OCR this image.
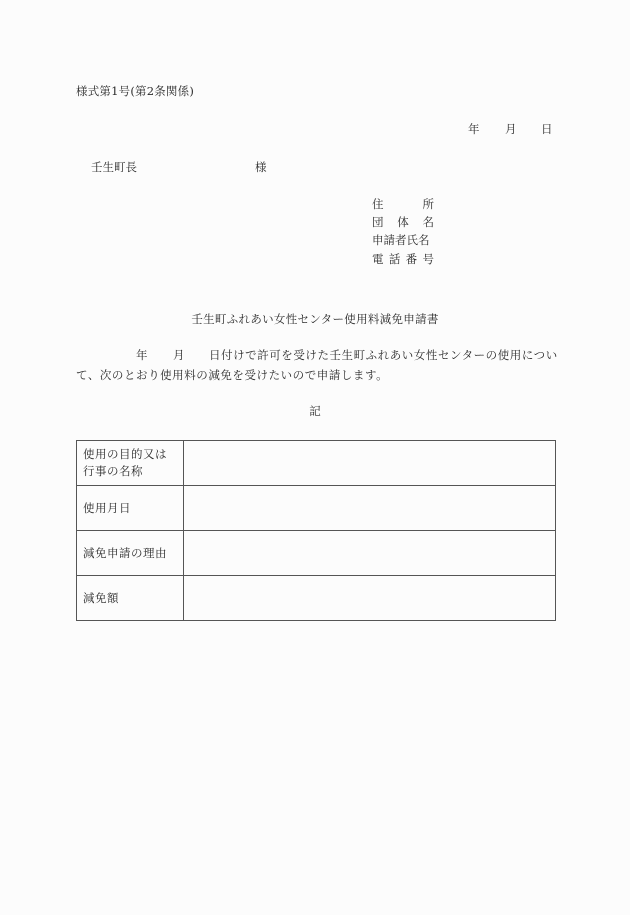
様式第1号(第2条関係)
年 月 日
壬生町長	様
住	所
団 体 名
申請者氏名
電 話 番 号
壬生町ふれあい女性センター使用料減免申請書
年 月 日付けで許可を受けた壬生町ふれあい女性センターの使用につい
て、次のとおり使用料の減免を受けたいので申請します。
記
使用の目的又は
行事の名称	

使用月日	
減免申請の理由	
減免額	
